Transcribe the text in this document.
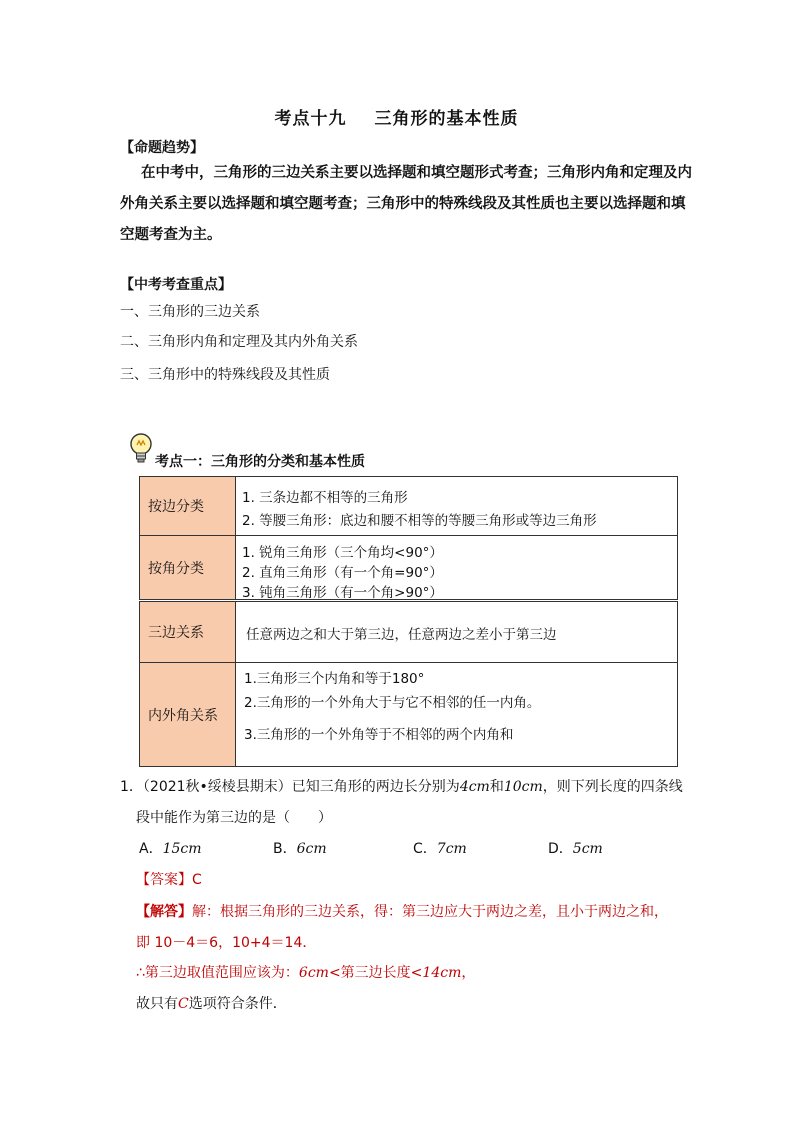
考点十九 三角形的基本性质
【命题趋势】
在中考中，三角形的三边关系主要以选择题和填空题形式考查；三角形内角和定理及内
外角关系主要以选择题和填空题考查；三角形中的特殊线段及其性质也主要以选择题和填
空题考查为主。
【中考考查重点】
一、三角形的三边关系
二、三角形内角和定理及其内外角关系
三、三角形中的特殊线段及其性质
考点一：三角形的分类和基本性质
按边分类
1. 三条边都不相等的三角形
2. 等腰三角形：底边和腰不相等的等腰三角形或等边三角形
按角分类
1. 锐角三角形（三个角均<90°）
2. 直角三角形（有一个角=90°）
3. 钝角三角形（有一个角>90°）
三边关系	任意两边之和大于第三边，任意两边之差小于第三边
内外角关系
1.三角形三个内角和等于180°
2.三角形的一个外角大于与它不相邻的任一内角。
3.三角形的一个外角等于不相邻的两个内角和
1．（2021秋•绥棱县期末）已知三角形的两边长分别为4cm和10cm，则下列长度的四条线
段中能作为第三边的是（　　）
A．15cm	B．6cm	C．7cm	D．5cm
【答案】C
【解答】解：根据三角形的三边关系，得：第三边应大于两边之差，且小于两边之和，
即 10－4＝6，10+4＝14．
∴第三边取值范围应该为：6cm<第三边长度<14cm，
故只有C选项符合条件．
